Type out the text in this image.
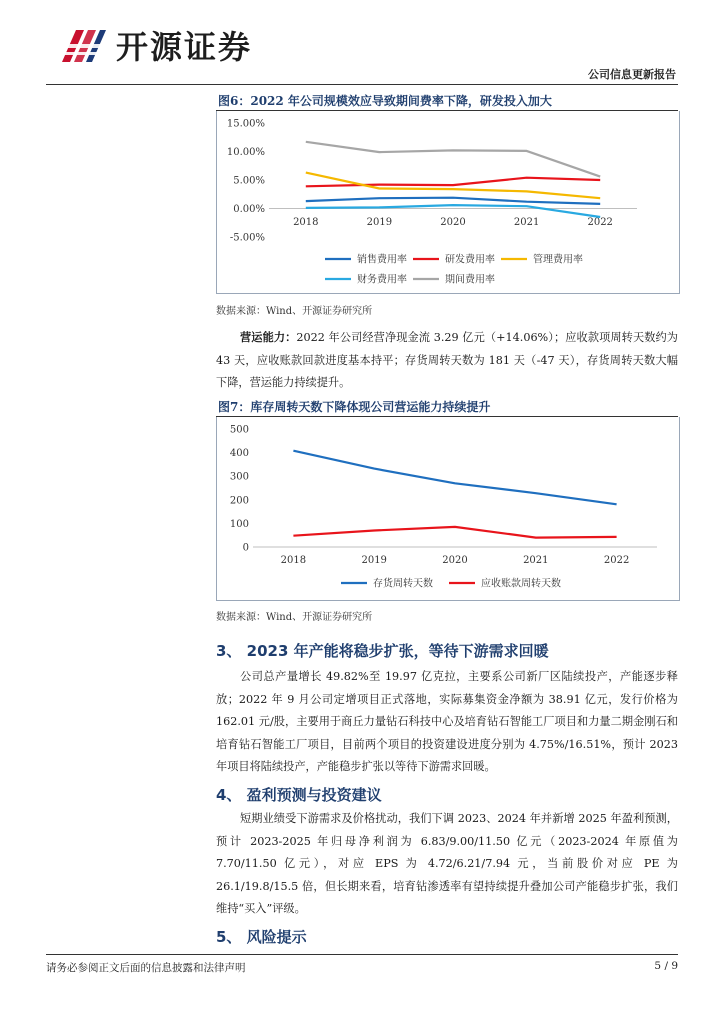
开源证券
公司信息更新报告
图6：2022 年公司规模效应导致期间费率下降，研发投入加大
15.00%
10.00%
5.00%
0.00%
-5.00%
2018	2019	2020	2021	2022
销售费用率	研发费用率	管理费用率
财务费用率	期间费用率
数据来源：Wind、开源证券研究所
营运能力：2022 年公司经营净现金流 3.29 亿元（+14.06%）；应收款项周转天数约为 43 天，应收账款回款进度基本持平；存货周转天数为 181 天（-47 天），存货周转天数大幅下降，营运能力持续提升。
图7：库存周转天数下降体现公司营运能力持续提升
500
400
300
200
100
0
2018	2019	2020	2021	2022
存货周转天数	应收账款周转天数
数据来源：Wind、开源证券研究所
3、 2023 年产能将稳步扩张，等待下游需求回暖
公司总产量增长 49.82%至 19.97 亿克拉，主要系公司新厂区陆续投产，产能逐步释放；2022 年 9 月公司定增项目正式落地，实际募集资金净额为 38.91 亿元，发行价格为 162.01 元/股，主要用于商丘力量钻石科技中心及培育钻石智能工厂项目和力量二期金刚石和培育钻石智能工厂项目，目前两个项目的投资建设进度分别为 4.75%/16.51%，预计 2023 年项目将陆续投产，产能稳步扩张以等待下游需求回暖。
4、 盈利预测与投资建议
短期业绩受下游需求及价格扰动，我们下调 2023、2024 年并新增 2025 年盈利预测，预计 2023-2025 年归母净利润为 6.83/9.00/11.50 亿元（2023-2024 年原值为 7.70/11.50 亿元），对应 EPS 为 4.72/6.21/7.94 元，当前股价对应 PE 为 26.1/19.8/15.5 倍，但长期来看，培育钻渗透率有望持续提升叠加公司产能稳步扩张，我们维持“买入”评级。
5、 风险提示
请务必参阅正文后面的信息披露和法律声明	5 / 9
